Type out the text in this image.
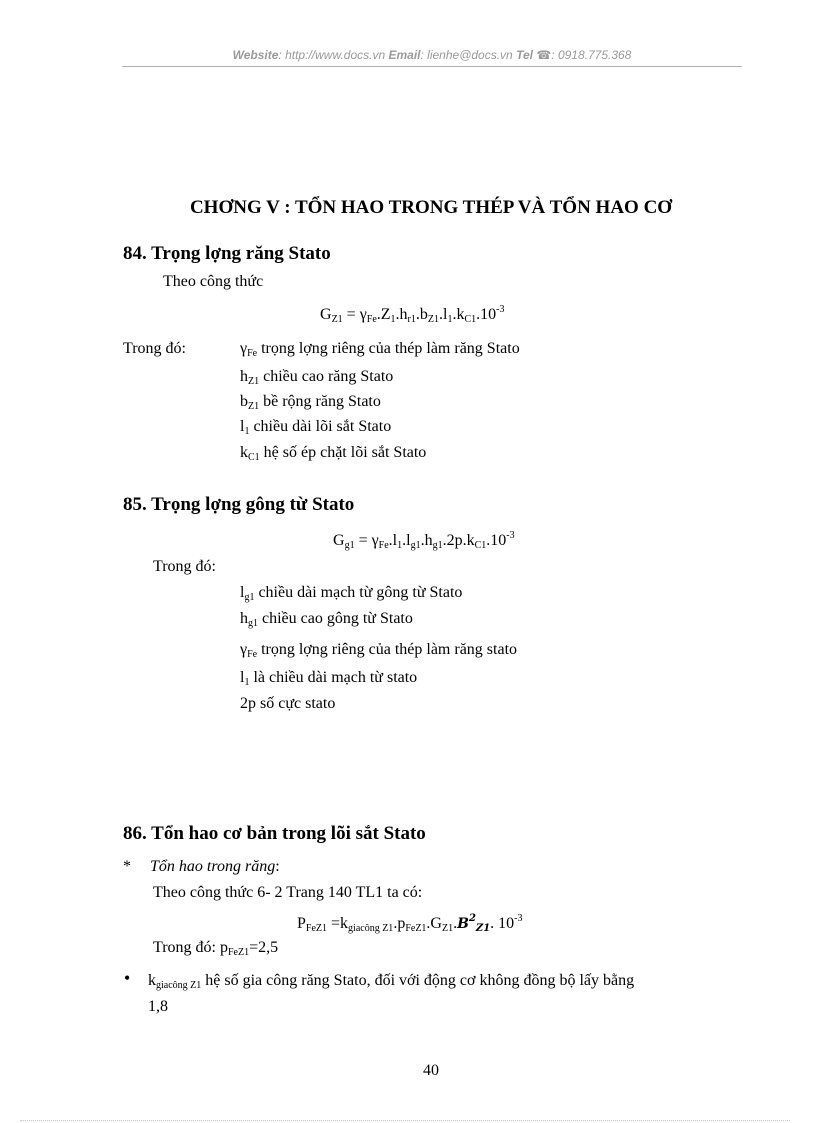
Website: http://www.docs.vn Email: lienhe@docs.vn Tel ☎: 0918.775.368
CHƠNG V : TỔN HAO TRONG THÉP VÀ TỔN HAO CƠ
84. Trọng lợng răng Stato
Theo công thức
$G_{Z1} = \gamma_{Fe}.Z_1.h_{r1}.b_{Z1}.l_1.k_{C1}.10^{-3}$
Trong đó:	$\gamma_{Fe}$ trọng lợng riêng của thép làm răng Stato
$h_{Z1}$ chiều cao răng Stato
$b_{Z1}$ bề rộng răng Stato
$l_1$ chiều dài lõi sắt Stato
$k_{C1}$ hệ số ép chặt lõi sắt Stato
85. Trọng lợng gông từ Stato
$G_{g1} = \gamma_{Fe}.l_1.l_{g1}.h_{g1}.2p.k_{C1}.10^{-3}$
Trong đó:
$l_{g1}$ chiều dài mạch từ gông từ Stato
$h_{g1}$ chiều cao gông từ Stato
$\gamma_{Fe}$ trọng lợng riêng của thép làm răng stato
$l_1$ là chiều dài mạch từ stato
2p số cực stato
86. Tổn hao cơ bản trong lõi sắt Stato
* Tổn hao trong răng:
Theo công thức 6- 2 Trang 140 TL1 ta có:
$P_{FeZ1} =k_{giacông Z1}.p_{FeZ1}.G_{Z1}.B^2_{Z1}$. $10^{-3}$
Trong đó: $p_{FeZ1}=2,5$
• $k_{giacông Z1}$ hệ số gia công răng Stato, đối với động cơ không đồng bộ lấy bằng
1,8
40
